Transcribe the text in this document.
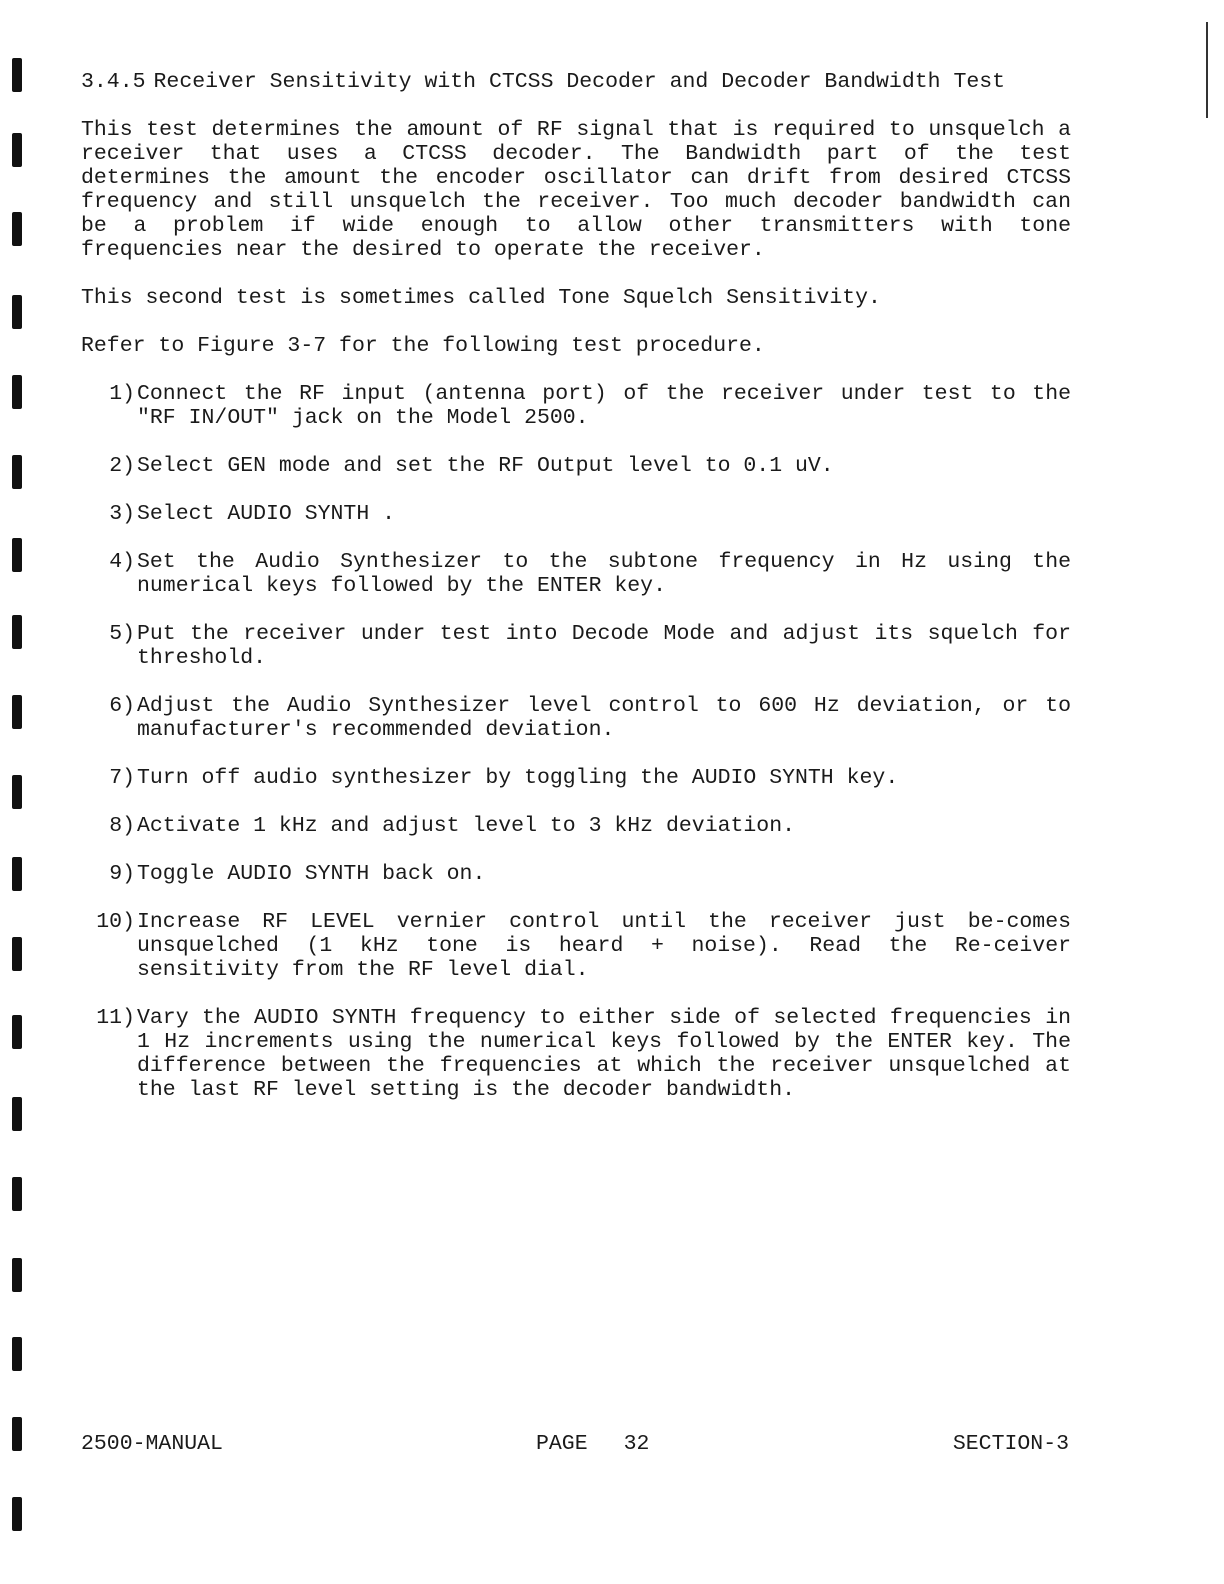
3.4.5 Receiver Sensitivity with CTCSS Decoder and Decoder Bandwidth Test

This test determines the amount of RF signal that is required to unsquelch a receiver that uses a CTCSS decoder. The Bandwidth part of the test determines the amount the encoder oscillator can drift from desired CTCSS frequency and still unsquelch the receiver. Too much decoder bandwidth can be a problem if wide enough to allow other transmitters with tone frequencies near the desired to operate the receiver.

This second test is sometimes called Tone Squelch Sensitivity.

Refer to Figure 3-7 for the following test procedure.

1) Connect the RF input (antenna port) of the receiver under test to the "RF IN/OUT" jack on the Model 2500.
2) Select GEN mode and set the RF Output level to 0.1 uV.
3) Select AUDIO SYNTH .
4) Set the Audio Synthesizer to the subtone frequency in Hz using the numerical keys followed by the ENTER key.
5) Put the receiver under test into Decode Mode and adjust its squelch for threshold.
6) Adjust the Audio Synthesizer level control to 600 Hz deviation, or to manufacturer's recommended deviation.
7) Turn off audio synthesizer by toggling the AUDIO SYNTH key.
8) Activate 1 kHz and adjust level to 3 kHz deviation.
9) Toggle AUDIO SYNTH back on.
10) Increase RF LEVEL vernier control until the receiver just be-comes unsquelched (1 kHz tone is heard + noise). Read the Re-ceiver sensitivity from the RF level dial.
11) Vary the AUDIO SYNTH frequency to either side of selected frequencies in 1 Hz increments using the numerical keys followed by the ENTER key. The difference between the frequencies at which the receiver unsquelched at the last RF level setting is the decoder bandwidth.
2500-MANUAL	PAGE 32	SECTION-3
